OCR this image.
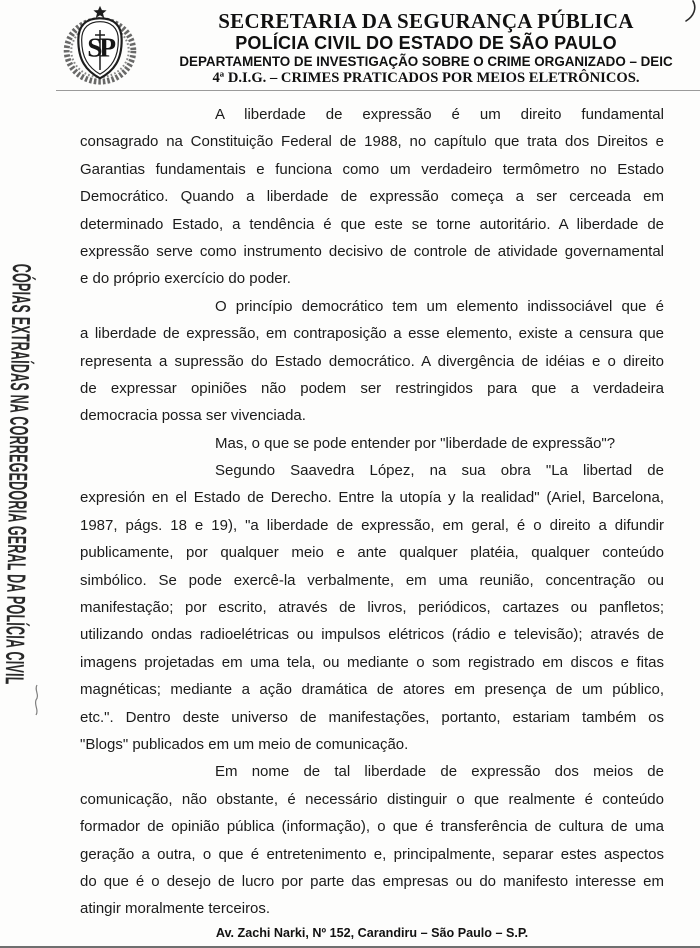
SP
SECRETARIA DA SEGURANÇA PÚBLICA
POLÍCIA CIVIL DO ESTADO DE SÃO PAULO
DEPARTAMENTO DE INVESTIGAÇÃO SOBRE O CRIME ORGANIZADO – DEIC
4ª D.I.G. – CRIMES PRATICADOS POR MEIOS ELETRÔNICOS.
CÓPIAS EXTRAÍDAS NA CORREGEDORIA GERAL DA POLÍCIA CIVIL
A liberdade de expressão é um direito fundamental
consagrado na Constituição Federal de 1988, no capítulo que trata dos Direitos e
Garantias fundamentais e funciona como um verdadeiro termômetro no Estado
Democrático. Quando a liberdade de expressão começa a ser cerceada em
determinado Estado, a tendência é que este se torne autoritário. A liberdade de
expressão serve como instrumento decisivo de controle de atividade governamental
e do próprio exercício do poder.
O princípio democrático tem um elemento indissociável que é
a liberdade de expressão, em contraposição a esse elemento, existe a censura que
representa a supressão do Estado democrático. A divergência de idéias e o direito
de expressar opiniões não podem ser restringidos para que a verdadeira
democracia possa ser vivenciada.
Mas, o que se pode entender por "liberdade de expressão"?
Segundo Saavedra López, na sua obra "La libertad de
expresión en el Estado de Derecho. Entre la utopía y la realidad" (Ariel, Barcelona,
1987, págs. 18 e 19), "a liberdade de expressão, em geral, é o direito a difundir
publicamente, por qualquer meio e ante qualquer platéia, qualquer conteúdo
simbólico. Se pode exercê-la verbalmente, em uma reunião, concentração ou
manifestação; por escrito, através de livros, periódicos, cartazes ou panfletos;
utilizando ondas radioelétricas ou impulsos elétricos (rádio e televisão); através de
imagens projetadas em uma tela, ou mediante o som registrado em discos e fitas
magnéticas; mediante a ação dramática de atores em presença de um público,
etc.". Dentro deste universo de manifestações, portanto, estariam também os
"Blogs" publicados em um meio de comunicação.
Em nome de tal liberdade de expressão dos meios de
comunicação, não obstante, é necessário distinguir o que realmente é conteúdo
formador de opinião pública (informação), o que é transferência de cultura de uma
geração a outra, o que é entretenimento e, principalmente, separar estes aspectos
do que é o desejo de lucro por parte das empresas ou do manifesto interesse em
atingir moralmente terceiros.
Av. Zachi Narki, Nº 152, Carandiru – São Paulo – S.P.
